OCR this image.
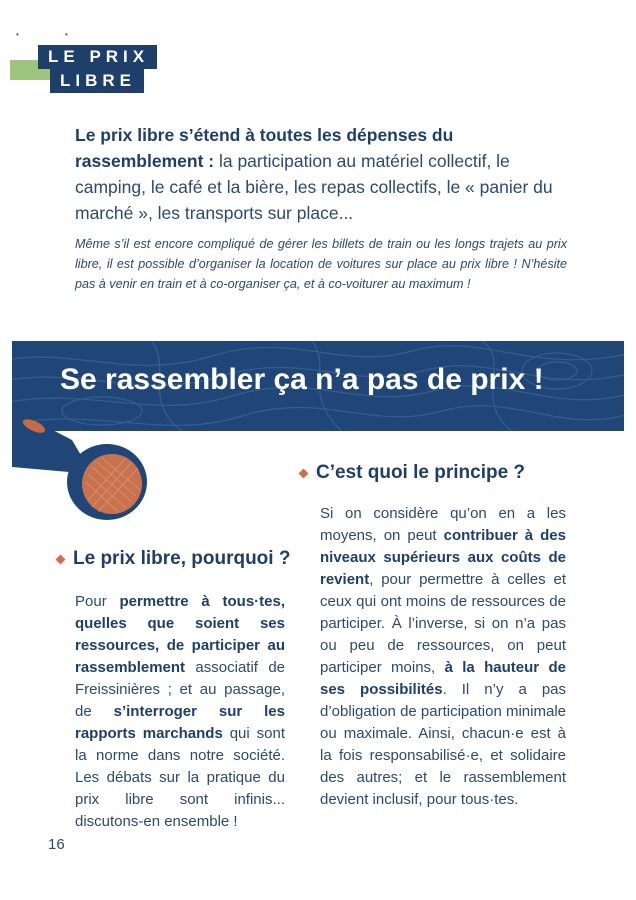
• •
LE PRIX
LIBRE
Le prix libre s’étend à toutes les dépenses du rassemblement : la participation au matériel collectif, le camping, le café et la bière, les repas collectifs, le « panier du marché », les transports sur place...
Même s’il est encore compliqué de gérer les billets de train ou les longs trajets au prix libre, il est possible d’organiser la location de voitures sur place au prix libre ! N’hésite pas à venir en train et à co-organiser ça, et à co-voiturer au maximum !
Se rassembler ça n’a pas de prix !
C’est quoi le principe ?
Le prix libre, pourquoi ?
Pour permettre à tous·tes, quelles que soient ses ressources, de participer au rassemblement associatif de Freissinières ; et au passage, de s’interroger sur les rapports marchands qui sont la norme dans notre société. Les débats sur la pratique du prix libre sont infinis... discutons-en ensemble !
Si on considère qu’on en a les moyens, on peut contribuer à des niveaux supérieurs aux coûts de revient, pour permettre à celles et ceux qui ont moins de ressources de participer. À l’inverse, si on n’a pas ou peu de ressources, on peut participer moins, à la hauteur de ses possibilités. Il n’y a pas d’obligation de participation minimale ou maximale. Ainsi, chacun·e est à la fois responsabilisé·e, et solidaire des autres; et le rassemblement devient inclusif, pour tous·tes.
16
